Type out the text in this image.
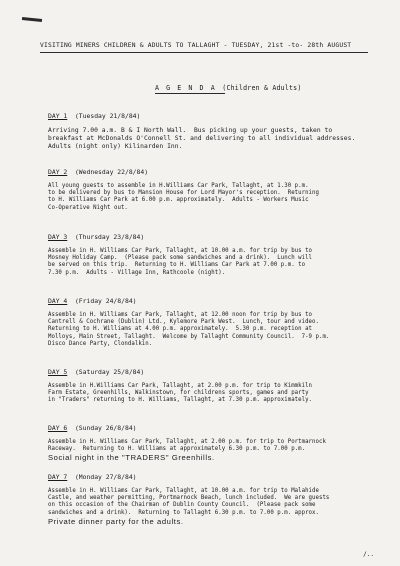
VISITING MINERS CHILDREN & ADULTS TO TALLAGHT - TUESDAY, 21st -to- 28th AUGUST
A G E N D A (Children & Adults)
DAY 1 (Tuesday 21/8/84)
Arriving 7.00 a.m. B & I North Wall.  Bus picking up your guests, taken to
breakfast at McDonalds O'Connell St. and delivering to all individual addresses.
Adults (night only) Kilinarden Inn.
DAY 2 (Wednesday 22/8/84)
All young guests to assemble in H.Williams Car Park, Tallaght, at 1.30 p.m.
to be delivered by bus to Mansion House for Lord Mayor's reception.  Returning
to H. Williams Car Park at 6.00 p.m. approximately.  Adults - Workers Music
Co-Operative Night out.
DAY 3 (Thursday 23/8/84)
Assemble in H. Williams Car Park, Tallaght, at 10.00 a.m. for trip by bus to
Mosney Holiday Camp.  (Please pack some sandwiches and a drink).  Lunch will
be served on this trip.  Returning to H. Williams Car Park at 7.00 p.m. to
7.30 p.m.  Adults - Village Inn, Rathcoole (night).
DAY 4 (Friday 24/8/84)
Assemble in H. Williams Car Park, Tallaght, at 12.00 noon for trip by bus to
Cantrell & Cochrane (Dublin) Ltd., Kylemore Park West.  Lunch, tour and video.
Returning to H. Williams at 4.00 p.m. approximately.  5.30 p.m. reception at
Molloys, Main Street, Tallaght.  Welcome by Tallaght Community Council.  7-9 p.m.
Disco Dance Party, Clondalkin.
DAY 5 (Saturday 25/8/84)
Assemble in H.Williams Car Park, Tallaght, at 2.00 p.m. for trip to Kimmkiln
Farm Estate, Greenhills, Walkinstown, for childrens sports, games and party
in "Traders" returning to H. Williams, Tallaght, at 7.30 p.m. approximately.
DAY 6 (Sunday 26/8/84)
Assemble in H. Williams Car Park, Tallaght, at 2.00 p.m. for trip to Portmarnock
Raceway.  Returning to H. Williams at approximately 6.30 p.m. to 7.00 p.m.
Social night in the "TRADERS" Greenhills.
DAY 7 (Monday 27/8/84)
Assemble in H. Williams Car Park, Tallaght, at 10.00 a.m. for trip to Malahide
Castle, and weather permitting, Portmarnock Beach, lunch included.  We are guests
on this occasion of the Chairman of Dublin County Council.  (Please pack some
sandwiches and a drink).  Returning to Tallaght 6.30 p.m. to 7.00 p.m. approx.
Private dinner party for the adults.
/..
